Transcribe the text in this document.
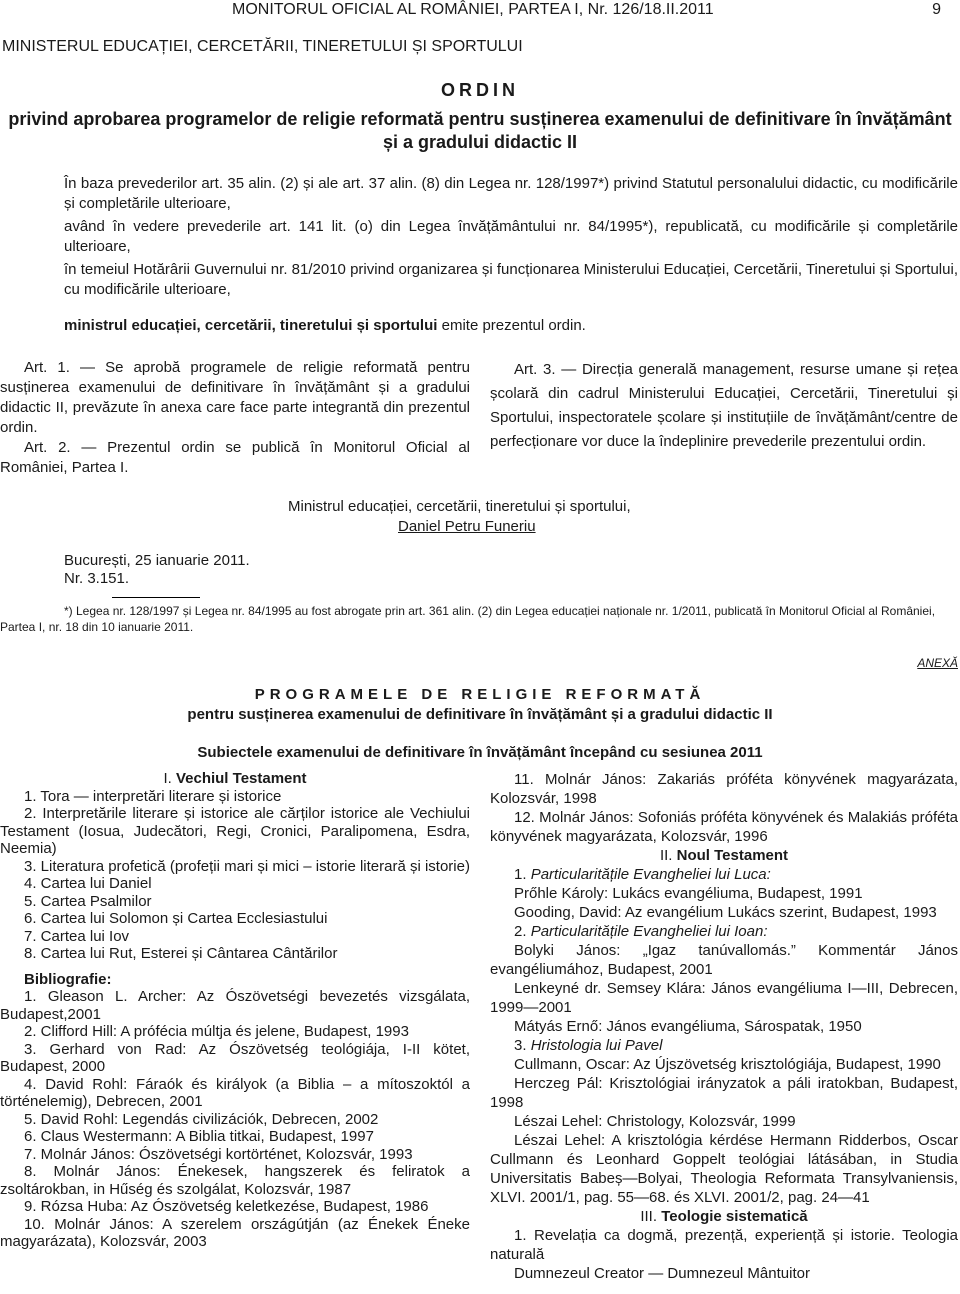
MONITORUL OFICIAL AL ROMÂNIEI, PARTEA I, Nr. 126/18.II.2011	9
MINISTERUL EDUCAȚIEI, CERCETĂRII, TINERETULUI ȘI SPORTULUI
ORDIN
privind aprobarea programelor de religie reformată pentru susținerea examenului de definitivare în învățământ și a gradului didactic II
În baza prevederilor art. 35 alin. (2) și ale art. 37 alin. (8) din Legea nr. 128/1997*) privind Statutul personalului didactic, cu modificările și completările ulterioare,
având în vedere prevederile art. 141 lit. (o) din Legea învățământului nr. 84/1995*), republicată, cu modificările și completările ulterioare,
în temeiul Hotărârii Guvernului nr. 81/2010 privind organizarea și funcționarea Ministerului Educației, Cercetării, Tineretului și Sportului, cu modificările ulterioare,
ministrul educației, cercetării, tineretului și sportului emite prezentul ordin.

Art. 1. — Se aprobă programele de religie reformată pentru susținerea examenului de definitivare în învățământ și a gradului didactic II, prevăzute în anexa care face parte integrantă din prezentul ordin.

Art. 2. — Prezentul ordin se publică în Monitorul Oficial al României, Partea I.

Art. 3. — Direcția generală management, resurse umane și rețea școlară din cadrul Ministerului Educației, Cercetării, Tineretului și Sportului, inspectoratele școlare și instituțiile de învățământ/centre de perfecționare vor duce la îndeplinire prevederile prezentului ordin.

Ministrul educației, cercetării, tineretului și sportului,
Daniel Petru Funeriu
București, 25 ianuarie 2011.
Nr. 3.151.
*) Legea nr. 128/1997 și Legea nr. 84/1995 au fost abrogate prin art. 361 alin. (2) din Legea educației naționale nr. 1/2011, publicată în Monitorul Oficial al României, Partea I, nr. 18 din 10 ianuarie 2011.
ANEXĂ
PROGRAMELE DE RELIGIE REFORMATĂ
pentru susținerea examenului de definitivare în învățământ și a gradului didactic II
Subiectele examenului de definitivare în învățământ începând cu sesiunea 2011
I. Vechiul Testament
1. Tora — interpretări literare și istorice
2. Interpretările literare și istorice ale cărților istorice ale Vechiului Testament (Iosua, Judecători, Regi, Cronici, Paralipomena, Esdra, Neemia)
3. Literatura profetică (profeții mari și mici – istorie literară și istorie)
4. Cartea lui Daniel
5. Cartea Psalmilor
6. Cartea lui Solomon și Cartea Ecclesiastului
7. Cartea lui Iov
8. Cartea lui Rut, Esterei și Cântarea Cântărilor
Bibliografie:
1. Gleason L. Archer: Az Ószövetségi bevezetés vizsgálata, Budapest,2001
2. Clifford Hill: A prófécia múltja és jelene, Budapest, 1993
3. Gerhard von Rad: Az Ószövetség teológiája, I-II kötet, Budapest, 2000
4. David Rohl: Fáraók és királyok (a Biblia – a mítoszoktól a történelemig), Debrecen, 2001
5. David Rohl: Legendás civilizációk, Debrecen, 2002
6. Claus Westermann: A Biblia titkai, Budapest, 1997
7. Molnár János: Ószövetségi kortörténet, Kolozsvár, 1993
8. Molnár János: Énekesek, hangszerek és feliratok a zsoltárokban, in Hűség és szolgálat, Kolozsvár, 1987
9. Rózsa Huba: Az Ószövetség keletkezése, Budapest, 1986
10. Molnár János: A szerelem országútján (az Énekek Éneke magyarázata), Kolozsvár, 2003
11. Molnár János: Zakariás próféta könyvének magyarázata, Kolozsvár, 1998
12. Molnár János: Sofoniás próféta könyvének és Malakiás próféta könyvének magyarázata, Kolozsvár, 1996
II. Noul Testament
1. Particularitățile Evangheliei lui Luca:
Prőhle Károly: Lukács evangéliuma, Budapest, 1991
Gooding, David: Az evangélium Lukács szerint, Budapest, 1993
2. Particularitățile Evangheliei lui Ioan:
Bolyki János: „Igaz tanúvallomás.” Kommentár János evangéliumához, Budapest, 2001
Lenkeyné dr. Semsey Klára: János evangéliuma I—III, Debrecen, 1999—2001
Mátyás Ernő: János evangéliuma, Sárospatak, 1950
3. Hristologia lui Pavel
Cullmann, Oscar: Az Újszövetség krisztológiája, Budapest, 1990
Herczeg Pál: Krisztológiai irányzatok a páli iratokban, Budapest, 1998
Lészai Lehel: Christology, Kolozsvár, 1999
Lészai Lehel: A krisztológia kérdése Hermann Ridderbos, Oscar Cullmann és Leonhard Goppelt teológiai látásában, in Studia Universitatis Babeș—Bolyai, Theologia Reformata Transylvaniensis, XLVI. 2001/1, pag. 55—68. és XLVI. 2001/2, pag. 24—41
III. Teologie sistematică
1. Revelația ca dogmă, prezență, experiență și istorie. Teologia naturală
Dumnezeul Creator — Dumnezeul Mântuitor
